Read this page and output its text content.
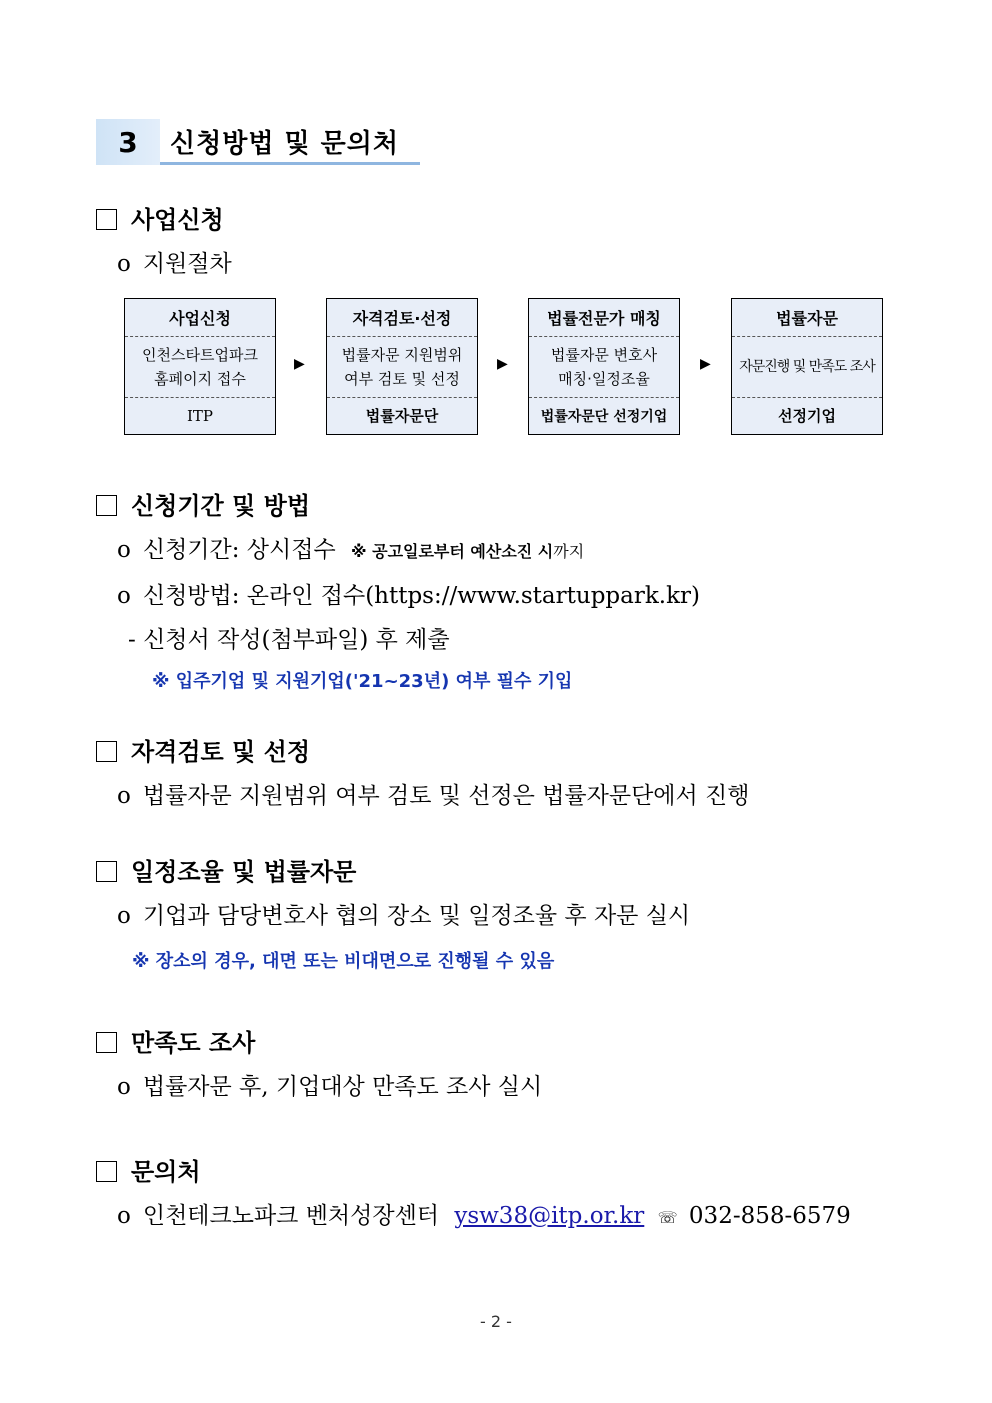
3	신청방법 및 문의처
사업신청
o 지원절차
사업신청
인천스타트업파크
홈페이지 접수
ITP
▶
자격검토·선정
법률자문 지원범위
여부 검토 및 선정
법률자문단
▶
법률전문가 매칭
법률자문 변호사
매칭·일정조율
법률자문단 선정기업
▶
법률자문
자문진행 및 만족도 조사
선정기업
신청기간 및 방법
o 신청기간: 상시접수 ※ 공고일로부터 예산소진 시까지
o 신청방법: 온라인 접수(https://www.startuppark.kr)
- 신청서 작성(첨부파일) 후 제출
※ 입주기업 및 지원기업('21~23년) 여부 필수 기입
자격검토 및 선정
o 법률자문 지원범위 여부 검토 및 선정은 법률자문단에서 진행
일정조율 및 법률자문
o 기업과 담당변호사 협의 장소 및 일정조율 후 자문 실시
※ 장소의 경우, 대면 또는 비대면으로 진행될 수 있음
만족도 조사
o 법률자문 후, 기업대상 만족도 조사 실시
문의처
o 인천테크노파크 벤처성장센터 ysw38@itp.or.kr ☏ 032-858-6579
- 2 -
